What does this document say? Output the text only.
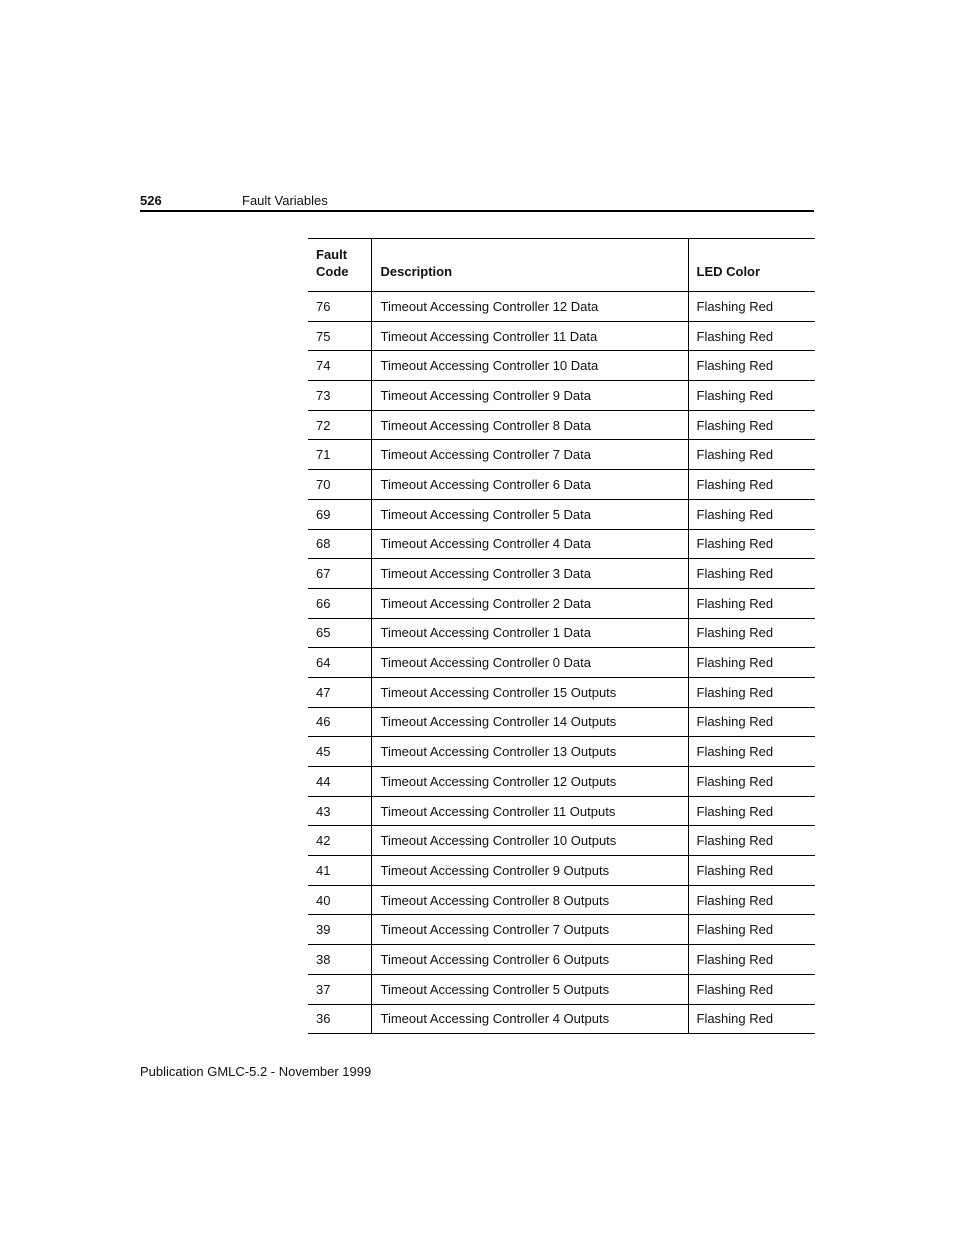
526	Fault Variables
Fault
Code	Description	LED Color
76	Timeout Accessing Controller 12 Data	Flashing Red
75	Timeout Accessing Controller 11 Data	Flashing Red
74	Timeout Accessing Controller 10 Data	Flashing Red
73	Timeout Accessing Controller 9 Data	Flashing Red
72	Timeout Accessing Controller 8 Data	Flashing Red
71	Timeout Accessing Controller 7 Data	Flashing Red
70	Timeout Accessing Controller 6 Data	Flashing Red
69	Timeout Accessing Controller 5 Data	Flashing Red
68	Timeout Accessing Controller 4 Data	Flashing Red
67	Timeout Accessing Controller 3 Data	Flashing Red
66	Timeout Accessing Controller 2 Data	Flashing Red
65	Timeout Accessing Controller 1 Data	Flashing Red
64	Timeout Accessing Controller 0 Data	Flashing Red
47	Timeout Accessing Controller 15 Outputs	Flashing Red
46	Timeout Accessing Controller 14 Outputs	Flashing Red
45	Timeout Accessing Controller 13 Outputs	Flashing Red
44	Timeout Accessing Controller 12 Outputs	Flashing Red
43	Timeout Accessing Controller 11 Outputs	Flashing Red
42	Timeout Accessing Controller 10 Outputs	Flashing Red
41	Timeout Accessing Controller 9 Outputs	Flashing Red
40	Timeout Accessing Controller 8 Outputs	Flashing Red
39	Timeout Accessing Controller 7 Outputs	Flashing Red
38	Timeout Accessing Controller 6 Outputs	Flashing Red
37	Timeout Accessing Controller 5 Outputs	Flashing Red
36	Timeout Accessing Controller 4 Outputs	Flashing Red
Publication GMLC-5.2 - November 1999
